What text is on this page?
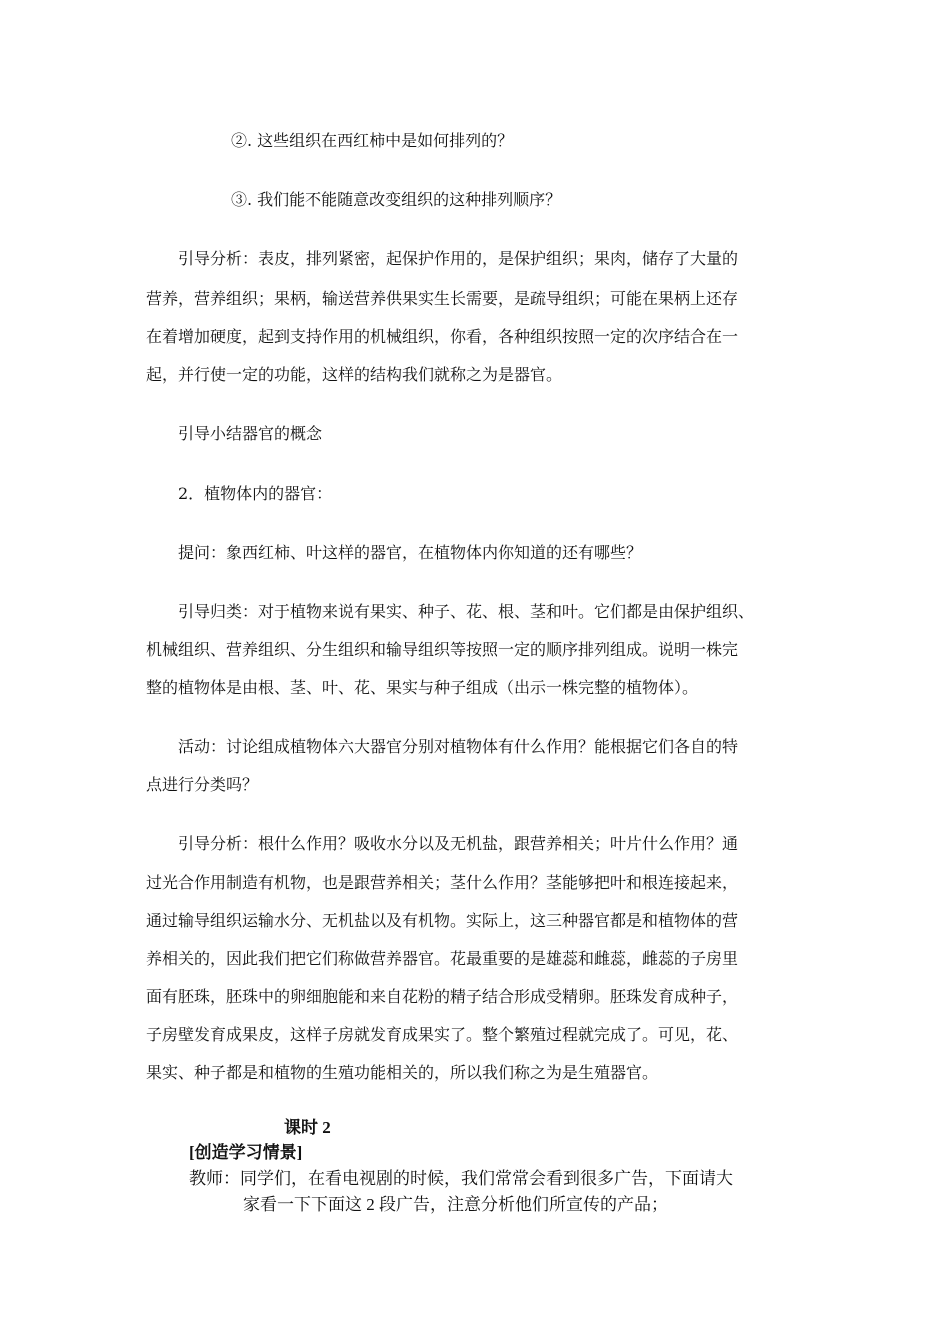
②. 这些组织在西红柿中是如何排列的？
③. 我们能不能随意改变组织的这种排列顺序？
引导分析：表皮，排列紧密，起保护作用的，是保护组织；果肉，储存了大量的
营养，营养组织；果柄，输送营养供果实生长需要，是疏导组织；可能在果柄上还存
在着增加硬度，起到支持作用的机械组织，你看，各种组织按照一定的次序结合在一
起，并行使一定的功能，这样的结构我们就称之为是器官。
引导小结器官的概念
2．植物体内的器官：
提问：象西红柿、叶这样的器官，在植物体内你知道的还有哪些？
引导归类：对于植物来说有果实、种子、花、根、茎和叶。它们都是由保护组织、
机械组织、营养组织、分生组织和输导组织等按照一定的顺序排列组成。说明一株完
整的植物体是由根、茎、叶、花、果实与种子组成（出示一株完整的植物体）。
活动：讨论组成植物体六大器官分别对植物体有什么作用？能根据它们各自的特
点进行分类吗？
引导分析：根什么作用？吸收水分以及无机盐，跟营养相关；叶片什么作用？通
过光合作用制造有机物，也是跟营养相关；茎什么作用？茎能够把叶和根连接起来，
通过输导组织运输水分、无机盐以及有机物。实际上，这三种器官都是和植物体的营
养相关的，因此我们把它们称做营养器官。花最重要的是雄蕊和雌蕊，雌蕊的子房里
面有胚珠，胚珠中的卵细胞能和来自花粉的精子结合形成受精卵。胚珠发育成种子，
子房壁发育成果皮，这样子房就发育成果实了。整个繁殖过程就完成了。可见，花、
果实、种子都是和植物的生殖功能相关的，所以我们称之为是生殖器官。
课时 2
[创造学习情景]
教师：同学们，在看电视剧的时候，我们常常会看到很多广告，下面请大
家看一下下面这 2 段广告，注意分析他们所宣传的产品；
